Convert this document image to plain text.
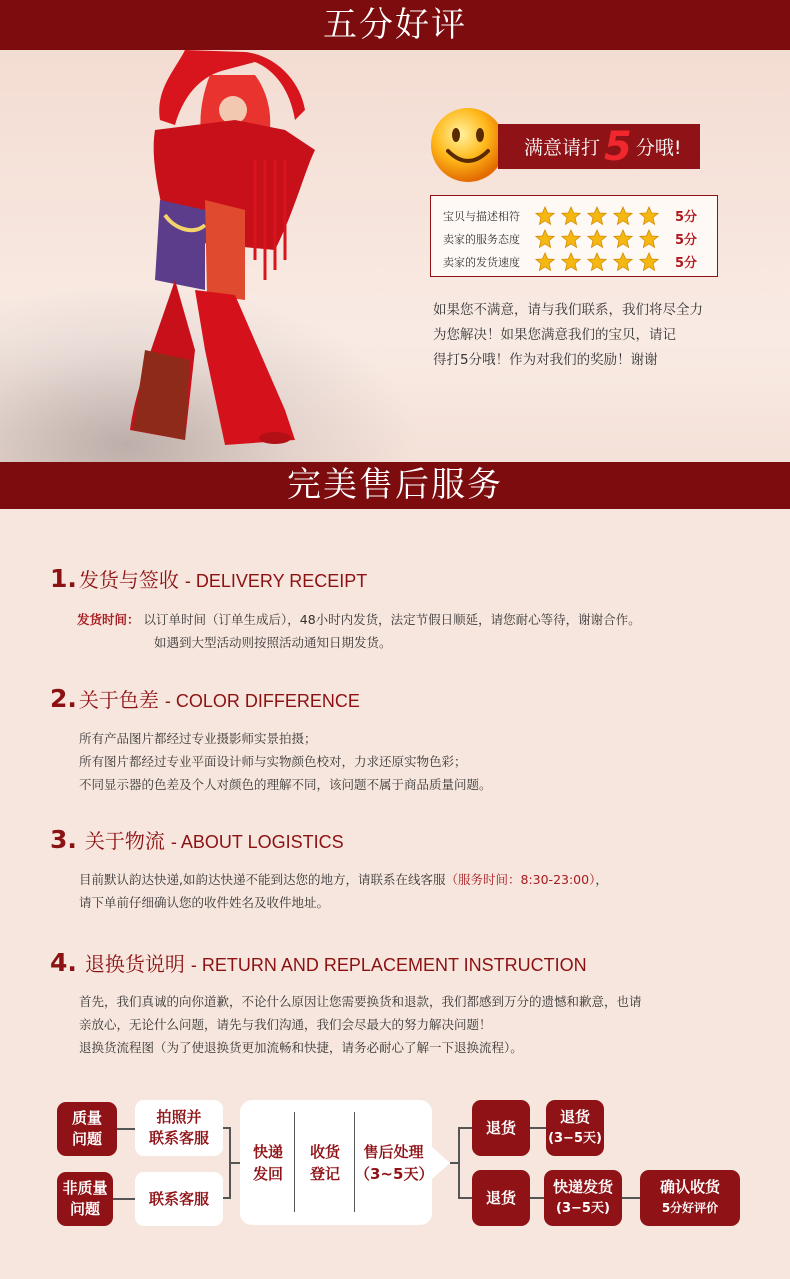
五分好评
满意请打 5 分哦!
宝贝与描述相符	5分
卖家的服务态度	5分
卖家的发货速度	5分
如果您不满意，请与我们联系，我们将尽全力
为您解决！如果您满意我们的宝贝，请记
得打5分哦！作为对我们的奖励！谢谢
完美售后服务
1. 发货与签收 - DELIVERY RECEIPT
发货时间： 以订单时间（订单生成后），48小时内发货，法定节假日顺延，请您耐心等待，谢谢合作。
如遇到大型活动则按照活动通知日期发货。
2. 关于色差 - COLOR DIFFERENCE
所有产品图片都经过专业摄影师实景拍摄；
所有图片都经过专业平面设计师与实物颜色校对，力求还原实物色彩；
不同显示器的色差及个人对颜色的理解不同，该问题不属于商品质量问题。
3. 关于物流 - ABOUT LOGISTICS
目前默认韵达快递,如韵达快递不能到达您的地方，请联系在线客服（服务时间：8:30-23:00），
请下单前仔细确认您的收件姓名及收件地址。
4. 退换货说明 - RETURN AND REPLACEMENT INSTRUCTION
首先，我们真诚的向你道歉，不论什么原因让您需要换货和退款，我们都感到万分的遗憾和歉意，也请
亲放心，无论什么问题，请先与我们沟通，我们会尽最大的努力解决问题！
退换货流程图（为了使退换货更加流畅和快捷，请务必耐心了解一下退换流程）。
质量
问题
拍照并
联系客服
非质量
问题
联系客服
快递
发回
收货
登记
售后处理
（3~5天）
退货
退货
(3−5天)
退货
快递发货
(3−5天)
确认收货
5分好评价
